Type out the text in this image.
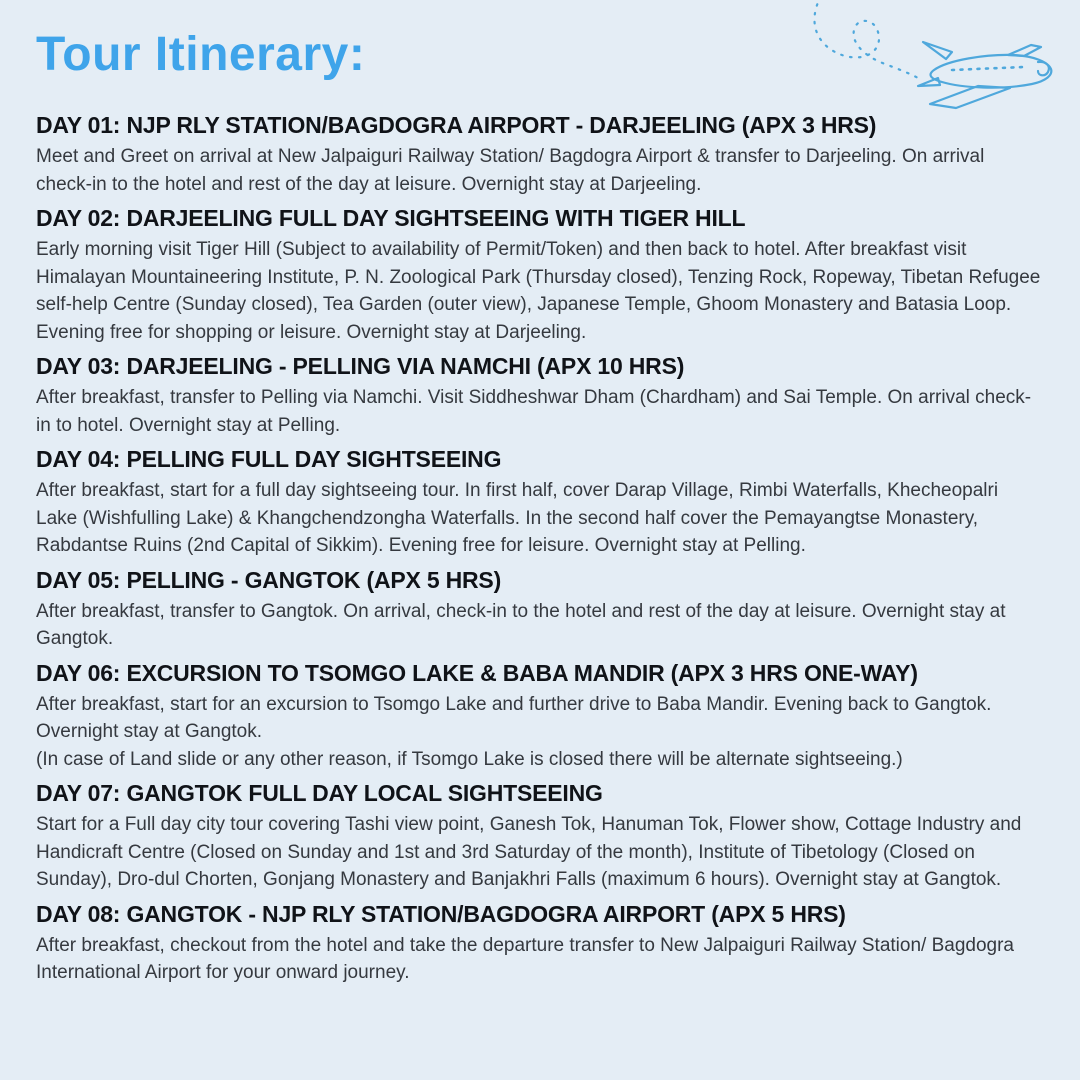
Tour Itinerary:
DAY 01: NJP RLY STATION/BAGDOGRA AIRPORT - DARJEELING (APX 3 HRS)

Meet and Greet on arrival at New Jalpaiguri Railway Station/ Bagdogra Airport & transfer to Darjeeling. On arrival check-in to the hotel and rest of the day at leisure. Overnight stay at Darjeeling.

DAY 02: DARJEELING FULL DAY SIGHTSEEING WITH TIGER HILL

Early morning visit Tiger Hill (Subject to availability of Permit/Token) and then back to hotel. After breakfast visit Himalayan Mountaineering Institute, P. N. Zoological Park (Thursday closed), Tenzing Rock, Ropeway, Tibetan Refugee self-help Centre (Sunday closed), Tea Garden (outer view), Japanese Temple, Ghoom Monastery and Batasia Loop. Evening free for shopping or leisure. Overnight stay at Darjeeling.

DAY 03: DARJEELING - PELLING VIA NAMCHI (APX 10 HRS)

After breakfast, transfer to Pelling via Namchi. Visit Siddheshwar Dham (Chardham) and Sai Temple. On arrival check-in to hotel. Overnight stay at Pelling.

DAY 04: PELLING FULL DAY SIGHTSEEING

After breakfast, start for a full day sightseeing tour. In first half, cover Darap Village, Rimbi Waterfalls, Khecheopalri Lake (Wishfulling Lake) & Khangchendzongha Waterfalls. In the second half cover the Pemayangtse Monastery, Rabdantse Ruins (2nd Capital of Sikkim). Evening free for leisure. Overnight stay at Pelling.

DAY 05: PELLING - GANGTOK (APX 5 HRS)

After breakfast, transfer to Gangtok. On arrival, check-in to the hotel and rest of the day at leisure. Overnight stay at Gangtok.

DAY 06: EXCURSION TO TSOMGO LAKE & BABA MANDIR (APX 3 HRS ONE-WAY)

After breakfast, start for an excursion to Tsomgo Lake and further drive to Baba Mandir. Evening back to Gangtok. Overnight stay at Gangtok.

(In case of Land slide or any other reason, if Tsomgo Lake is closed there will be alternate sightseeing.)

DAY 07: GANGTOK FULL DAY LOCAL SIGHTSEEING

Start for a Full day city tour covering Tashi view point, Ganesh Tok, Hanuman Tok, Flower show, Cottage Industry and Handicraft Centre (Closed on Sunday and 1st and 3rd Saturday of the month), Institute of Tibetology (Closed on Sunday), Dro-dul Chorten, Gonjang Monastery and Banjakhri Falls (maximum 6 hours). Overnight stay at Gangtok.

DAY 08: GANGTOK - NJP RLY STATION/BAGDOGRA AIRPORT (APX 5 HRS)

After breakfast, checkout from the hotel and take the departure transfer to New Jalpaiguri Railway Station/ Bagdogra International Airport for your onward journey.
